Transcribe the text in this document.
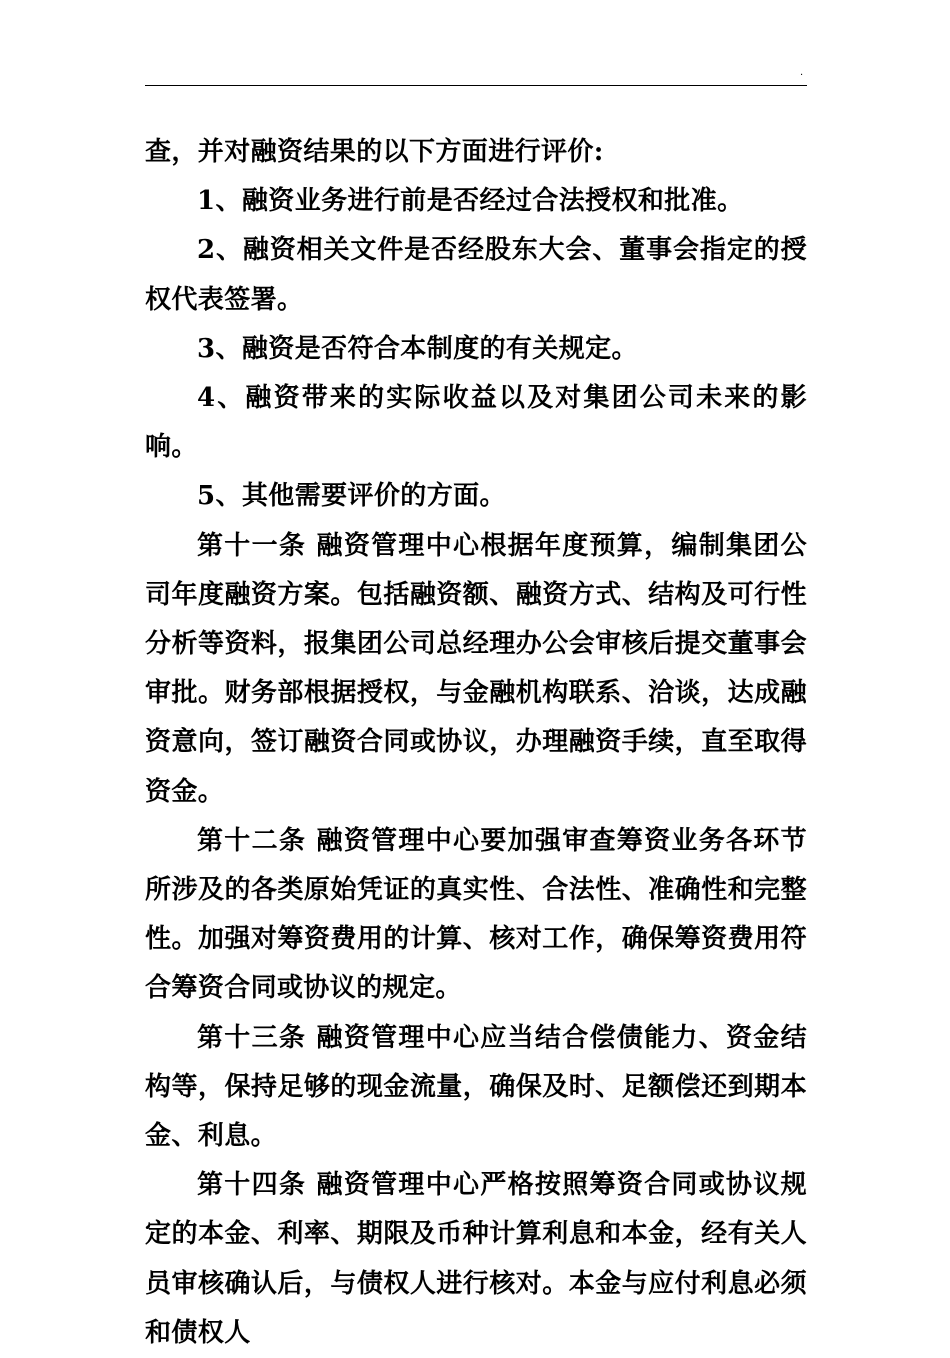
.

查，并对融资结果的以下方面进行评价:

1、融资业务进行前是否经过合法授权和批准。

2、融资相关文件是否经股东大会、董事会指定的授权代表签署。

3、融资是否符合本制度的有关规定。

4、融资带来的实际收益以及对集团公司未来的影响。

5、其他需要评价的方面。

第十一条 融资管理中心根据年度预算，编制集团公司年度融资方案。包括融资额、融资方式、结构及可行性分析等资料，报集团公司总经理办公会审核后提交董事会审批。财务部根据授权，与金融机构联系、洽谈，达成融资意向，签订融资合同或协议，办理融资手续，直至取得资金。

第十二条 融资管理中心要加强审查筹资业务各环节所涉及的各类原始凭证的真实性、合法性、准确性和完整性。加强对筹资费用的计算、核对工作，确保筹资费用符合筹资合同或协议的规定。

第十三条 融资管理中心应当结合偿债能力、资金结构等，保持足够的现金流量，确保及时、足额偿还到期本金、利息。

第十四条 融资管理中心严格按照筹资合同或协议规定的本金、利率、期限及币种计算利息和本金，经有关人员审核确认后，与债权人进行核对。本金与应付利息必须和债权人
